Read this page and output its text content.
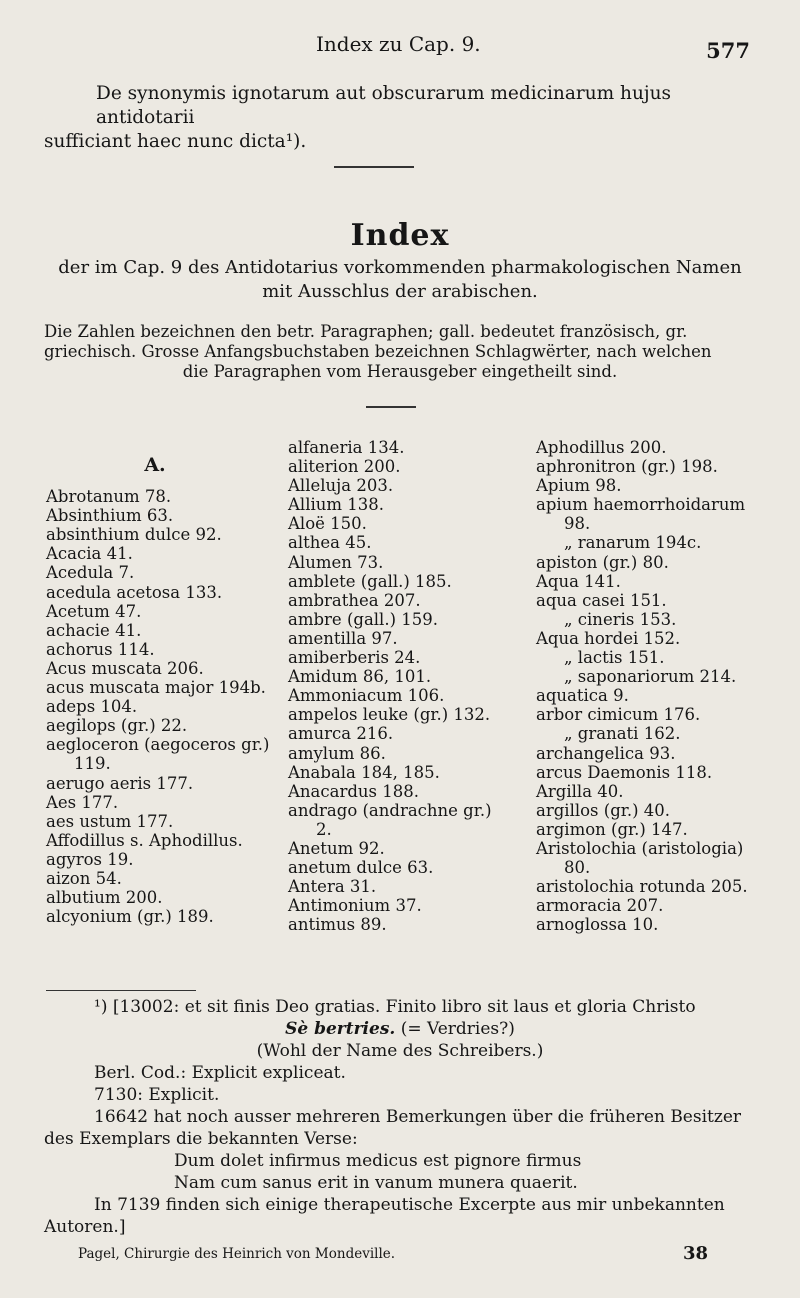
Index zu Cap. 9.	577
De synonymis ignotarum aut obscurarum medicinarum hujus antidotarii
sufficiant haec nunc dicta¹).
Index
der im Cap. 9 des Antidotarius vorkommenden pharmakologischen Namen
mit Ausschlus der arabischen.
Die Zahlen bezeichnen den betr. Paragraphen; gall. bedeutet französisch, gr.
griechisch. Grosse Anfangsbuchstaben bezeichnen Schlagwërter, nach welchen
die Paragraphen vom Herausgeber eingetheilt sind.
A.
Abrotanum 78.
Absinthium 63.
absinthium dulce 92.
Acacia 41.
Acedula 7.
acedula acetosa 133.
Acetum 47.
achacie 41.
achorus 114.
Acus muscata 206.
acus muscata major 194b.
adeps 104.
aegilops (gr.) 22.
aegloceron (aegoceros gr.)
119.
aerugo aeris 177.
Aes 177.
aes ustum 177.
Affodillus s. Aphodillus.
agyros 19.
aizon 54.
albutium 200.
alcyonium (gr.) 189.
alfaneria 134.
aliterion 200.
Alleluja 203.
Allium 138.
Aloë 150.
althea 45.
Alumen 73.
amblete (gall.) 185.
ambrathea 207.
ambre (gall.) 159.
amentilla 97.
amiberberis 24.
Amidum 86, 101.
Ammoniacum 106.
ampelos leuke (gr.) 132.
amurca 216.
amylum 86.
Anabala 184, 185.
Anacardus 188.
andrago (andrachne gr.)
2.
Anetum 92.
anetum dulce 63.
Antera 31.
Antimonium 37.
antimus 89.
Aphodillus 200.
aphronitron (gr.) 198.
Apium 98.
apium haemorrhoidarum
98.
„ ranarum 194c.
apiston (gr.) 80.
Aqua 141.
aqua casei 151.
„ cineris 153.
Aqua hordei 152.
„ lactis 151.
„ saponariorum 214.
aquatica 9.
arbor cimicum 176.
„ granati 162.
archangelica 93.
arcus Daemonis 118.
Argilla 40.
argillos (gr.) 40.
argimon (gr.) 147.
Aristolochia (aristologia)
80.
aristolochia rotunda 205.
armoracia 207.
arnoglossa 10.
¹) [13002: et sit finis Deo gratias. Finito libro sit laus et gloria Christo
Sè bertries. (= Verdries?)
(Wohl der Name des Schreibers.)
Berl. Cod.: Explicit expliceat.
7130: Explicit.
16642 hat noch ausser mehreren Bemerkungen über die früheren Besitzer
des Exemplars die bekannten Verse:
Dum dolet infirmus medicus est pignore firmus
Nam cum sanus erit in vanum munera quaerit.
In 7139 finden sich einige therapeutische Excerpte aus mir unbekannten
Autoren.]
Pagel, Chirurgie des Heinrich von Mondeville.	38
